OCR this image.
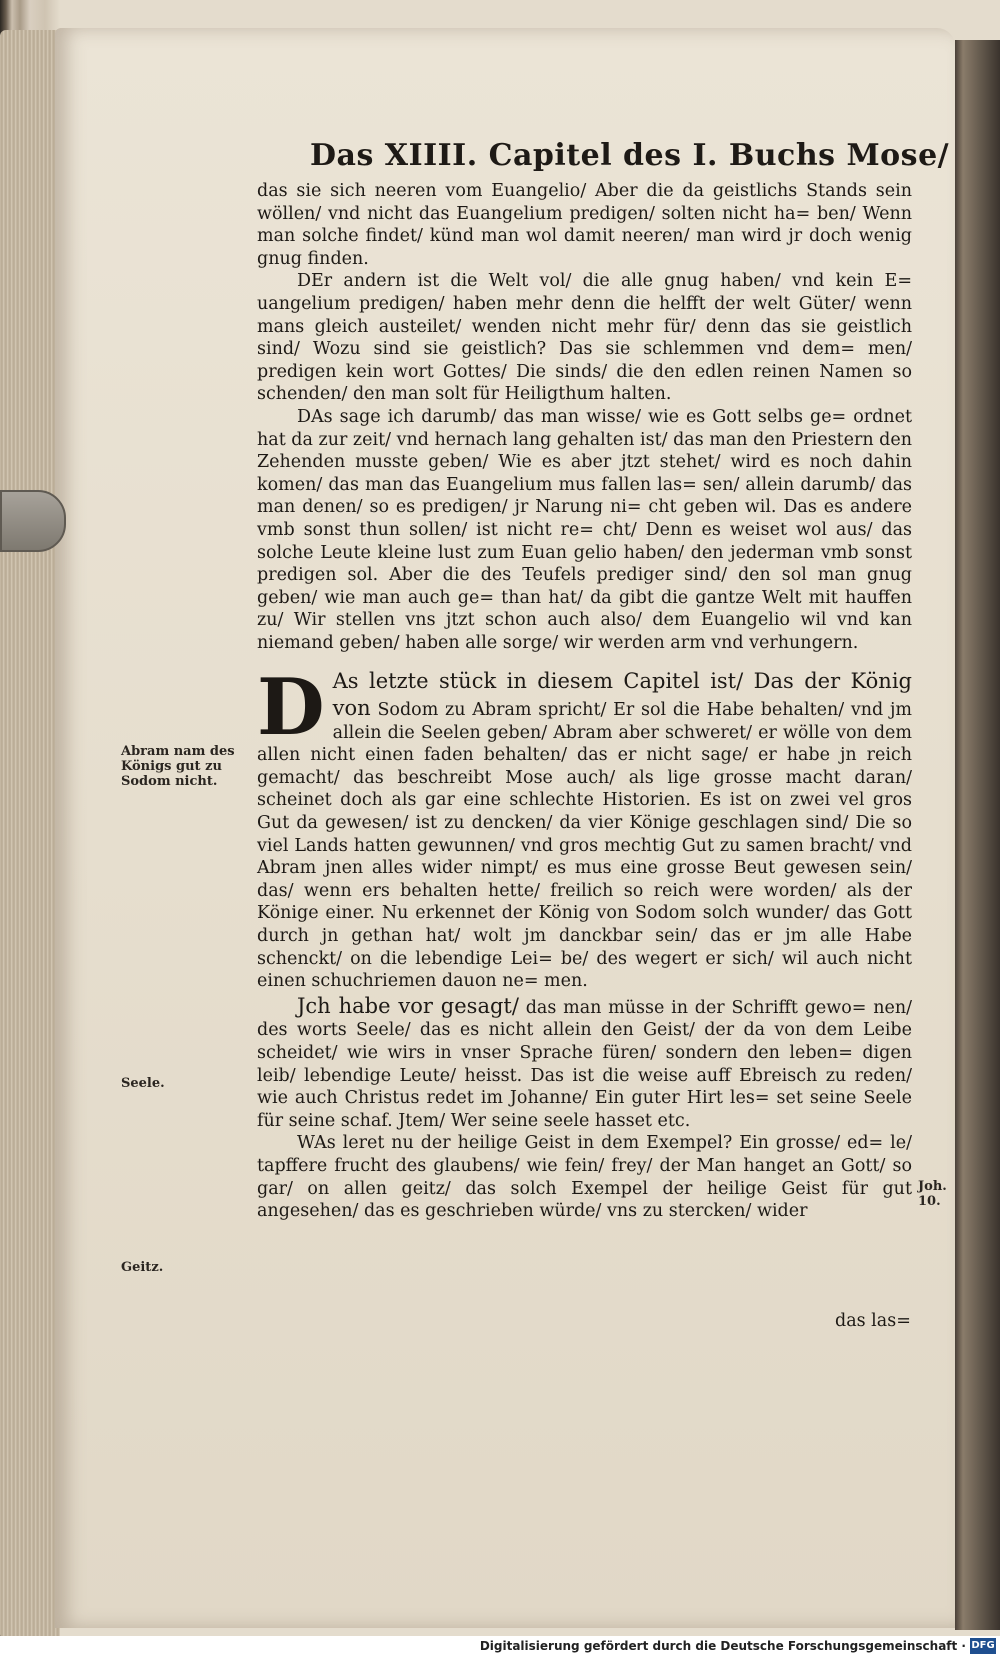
Das XIIII. Capitel des I. Buchs Mose/

das sie sich neeren vom Euangelio/ Aber die da geistlichs Stands sein wöllen/ vnd nicht das Euangelium predigen/ solten nicht ha= ben/ Wenn man solche findet/ künd man wol damit neeren/ man wird jr doch wenig gnug finden.

DEr andern ist die Welt vol/ die alle gnug haben/ vnd kein E= uangelium predigen/ haben mehr denn die helfft der welt Güter/ wenn mans gleich austeilet/ wenden nicht mehr für/ denn das sie geistlich sind/ Wozu sind sie geistlich? Das sie schlemmen vnd dem= men/ predigen kein wort Gottes/ Die sinds/ die den edlen reinen Namen so schenden/ den man solt für Heiligthum halten.

DAs sage ich darumb/ das man wisse/ wie es Gott selbs ge= ordnet hat da zur zeit/ vnd hernach lang gehalten ist/ das man den Priestern den Zehenden musste geben/ Wie es aber jtzt stehet/ wird es noch dahin komen/ das man das Euangelium mus fallen las= sen/ allein darumb/ das man denen/ so es predigen/ jr Narung ni= cht geben wil. Das es andere vmb sonst thun sollen/ ist nicht re= cht/ Denn es weiset wol aus/ das solche Leute kleine lust zum Euan gelio haben/ den jederman vmb sonst predigen sol. Aber die des Teufels prediger sind/ den sol man gnug geben/ wie man auch ge= than hat/ da gibt die gantze Welt mit hauffen zu/ Wir stellen vns jtzt schon auch also/ dem Euangelio wil vnd kan niemand geben/ haben alle sorge/ wir werden arm vnd verhungern.

D As letzte stück in diesem Capitel ist/ Das der König von Sodom zu Abram spricht/ Er sol die Habe behalten/ vnd jm allein die Seelen geben/ Abram aber schweret/ er wölle von dem allen nicht einen faden behalten/ das er nicht sage/ er habe jn reich gemacht/ das beschreibt Mose auch/ als lige grosse macht daran/ scheinet doch als gar eine schlechte Historien. Es ist on zwei vel gros Gut da gewesen/ ist zu dencken/ da vier Könige geschlagen sind/ Die so viel Lands hatten gewunnen/ vnd gros mechtig Gut zu samen bracht/ vnd Abram jnen alles wider nimpt/ es mus eine grosse Beut gewesen sein/ das/ wenn ers behalten hette/ freilich so reich were worden/ als der Könige einer. Nu erkennet der König von Sodom solch wunder/ das Gott durch jn gethan hat/ wolt jm danckbar sein/ das er jm alle Habe schenckt/ on die lebendige Lei= be/ des wegert er sich/ wil auch nicht einen schuchriemen dauon ne= men.

Jch habe vor gesagt/ das man müsse in der Schrifft gewo= nen/ des worts Seele/ das es nicht allein den Geist/ der da von dem Leibe scheidet/ wie wirs in vnser Sprache füren/ sondern den leben= digen leib/ lebendige Leute/ heisst. Das ist die weise auff Ebreisch zu reden/ wie auch Christus redet im Johanne/ Ein guter Hirt les= set seine Seele für seine schaf. Jtem/ Wer seine seele hasset etc.

WAs leret nu der heilige Geist in dem Exempel? Ein grosse/ ed= le/ tapffere frucht des glaubens/ wie fein/ frey/ der Man hanget an Gott/ so gar/ on allen geitz/ das solch Exempel der heilige Geist für gut angesehen/ das es geschrieben würde/ vns zu stercken/ wider

das las=
Abram nam des Königs gut zu Sodom nicht.
Seele.
Joh. 10.
Geitz.
Digitalisierung gefördert durch die Deutsche Forschungsgemeinschaft · DFG
